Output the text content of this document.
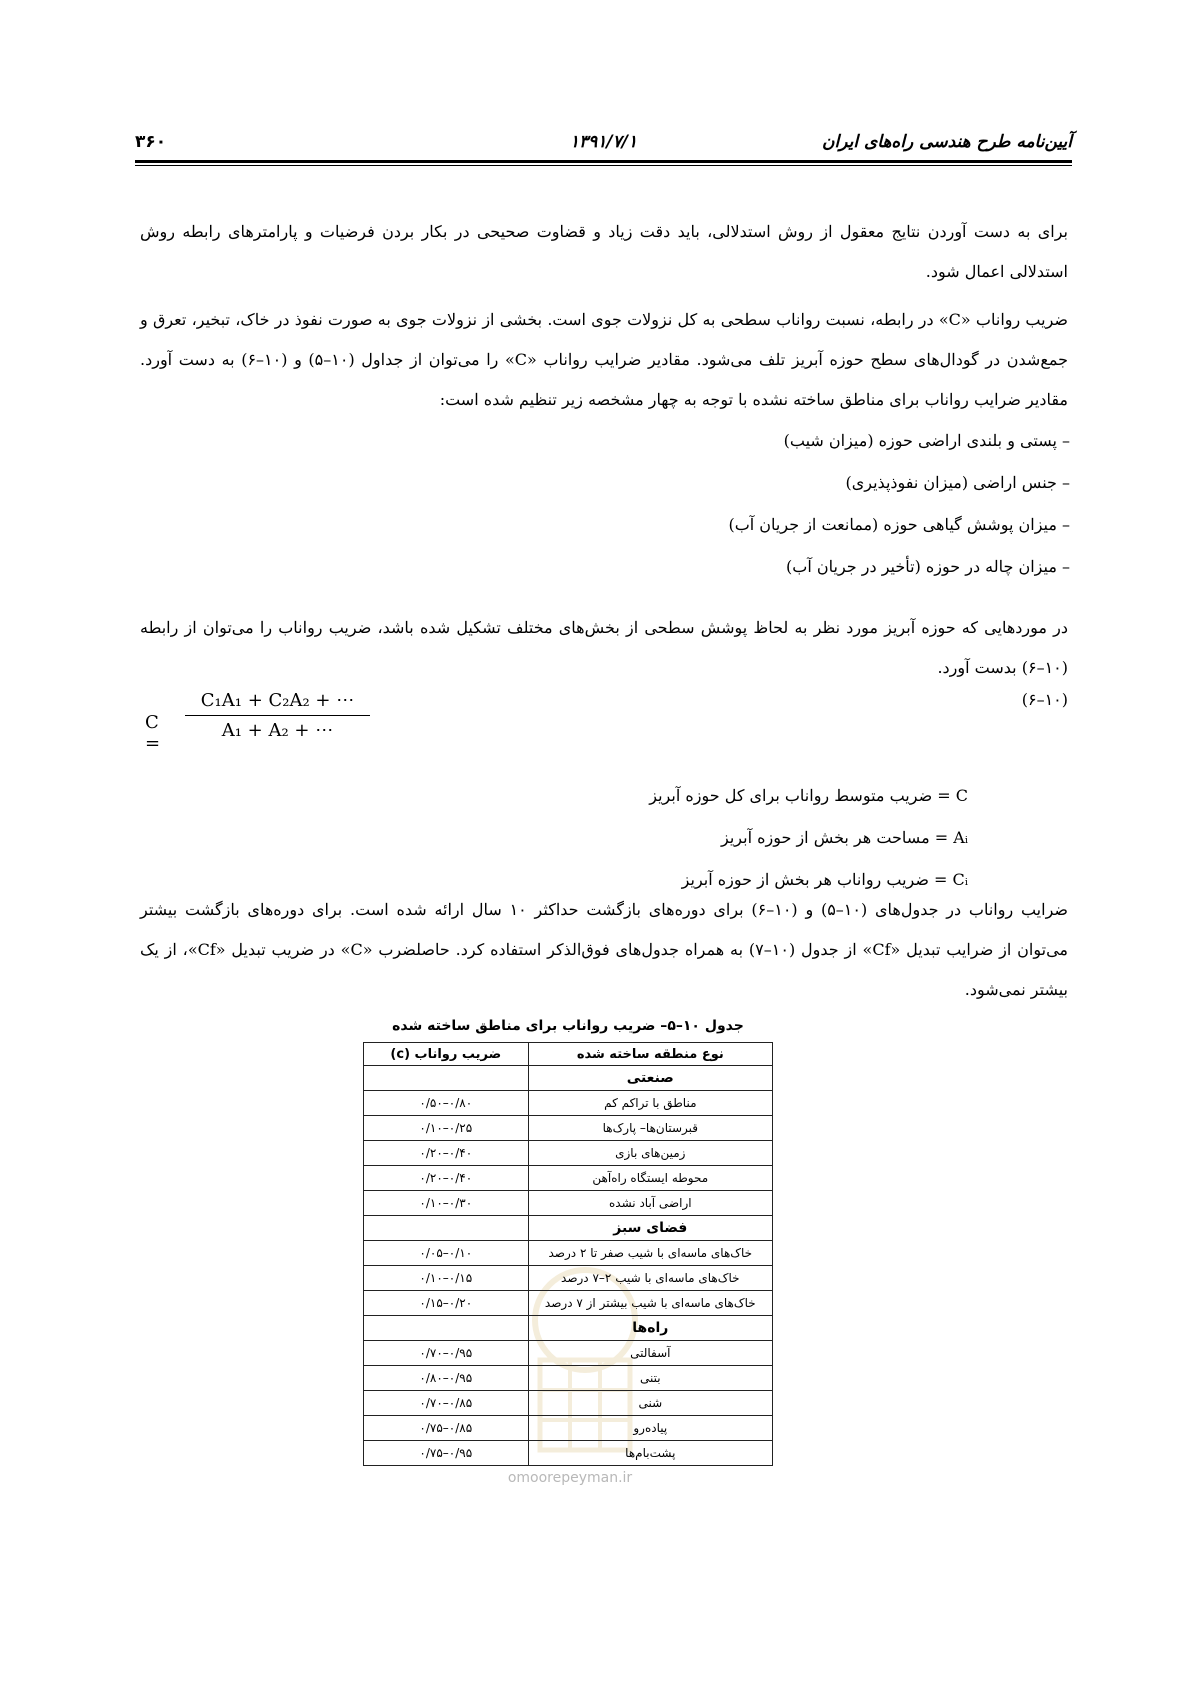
آیین‌نامه طرح هندسی راه‌های ایران
۱۳۹۱/۷/۱
۳۶۰
برای به دست آوردن نتایج معقول از روش استدلالی، باید دقت زیاد و قضاوت صحیحی در بکار بردن فرضیات و پارامترهای رابطه روش استدلالی اعمال شود.
ضریب رواناب «C» در رابطه، نسبت رواناب سطحی به کل نزولات جوی است. بخشی از نزولات جوی به صورت نفوذ در خاک، تبخیر، تعرق و جمع‌شدن در گودال‌های سطح حوزه آبریز تلف می‌شود. مقادیر ضرایب رواناب «C» را می‌توان از جداول (۱۰–۵) و (۱۰–۶) به دست آورد. مقادیر ضرایب رواناب برای مناطق ساخته نشده با توجه به چهار مشخصه زیر تنظیم شده است:
– پستی و بلندی اراضی حوزه (میزان شیب)
– جنس اراضی (میزان نفوذپذیری)
– میزان پوشش گیاهی حوزه (ممانعت از جریان آب)
– میزان چاله در حوزه (تأخیر در جریان آب)
در موردهایی که حوزه آبریز مورد نظر به لحاظ پوشش سطحی از بخش‌های مختلف تشکیل شده باشد، ضریب رواناب را می‌توان از رابطه (۱۰–۶) بدست آورد.
C =
C₁A₁ + C₂A₂ + ⋯
A₁ + A₂ + ⋯
(۱۰–۶)
C = ضریب متوسط رواناب برای کل حوزه آبریز
Aᵢ = مساحت هر بخش از حوزه آبریز
Cᵢ = ضریب رواناب هر بخش از حوزه آبریز
ضرایب رواناب در جدول‌های (۱۰–۵) و (۱۰–۶) برای دوره‌های بازگشت حداکثر ۱۰ سال ارائه شده است. برای دوره‌های بازگشت بیشتر می‌توان از ضرایب تبدیل «Cf» از جدول (۱۰–۷) به همراه جدول‌های فوق‌الذکر استفاده کرد. حاصلضرب «C» در ضریب تبدیل «Cf»، از یک بیشتر نمی‌شود.
جدول ۱۰–۵– ضریب رواناب برای مناطق ساخته شده
نوع منطقه ساخته شده	ضریب رواناب (c)
صنعتی	
مناطق با تراکم کم	۰/۵۰–۰/۸۰
قبرستان‌ها– پارک‌ها	۰/۱۰–۰/۲۵
زمین‌های بازی	۰/۲۰–۰/۴۰
محوطه ایستگاه راه‌آهن	۰/۲۰–۰/۴۰
اراضی آباد نشده	۰/۱۰–۰/۳۰
فضای سبز	
خاک‌های ماسه‌ای با شیب صفر تا ۲ درصد	۰/۰۵–۰/۱۰
خاک‌های ماسه‌ای با شیب ۲–۷ درصد	۰/۱۰–۰/۱۵
خاک‌های ماسه‌ای با شیب بیشتر از ۷ درصد	۰/۱۵–۰/۲۰
راه‌ها	
آسفالتی	۰/۷۰–۰/۹۵
بتنی	۰/۸۰–۰/۹۵
شنی	۰/۷۰–۰/۸۵
پیاده‌رو	۰/۷۵–۰/۸۵
پشت‌بام‌ها	۰/۷۵–۰/۹۵
omoorepeyman.ir
